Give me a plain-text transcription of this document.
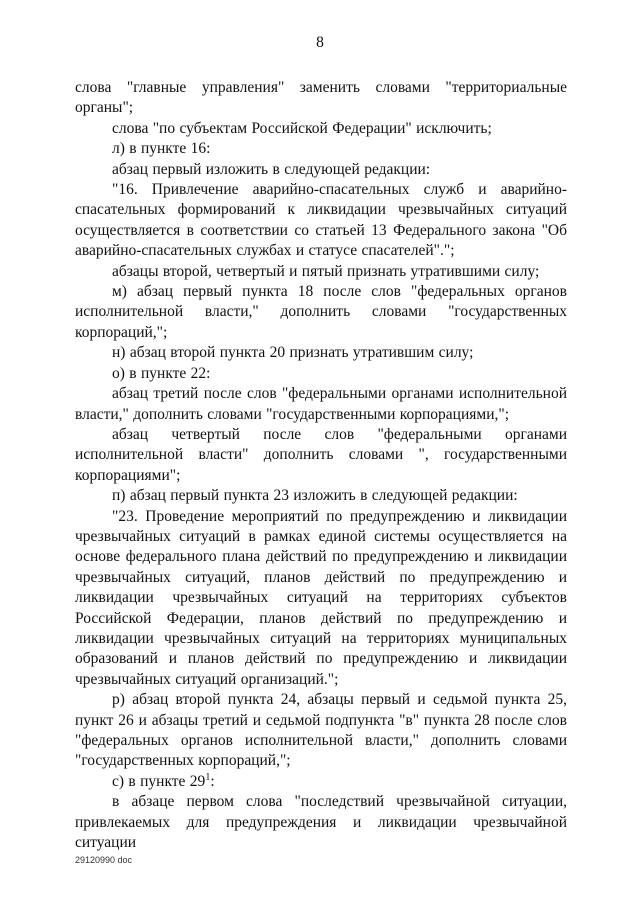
8

слова "главные управления" заменить словами "территориальные органы";

слова "по субъектам Российской Федерации" исключить;

л) в пункте 16:

абзац первый изложить в следующей редакции:

"16. Привлечение аварийно-спасательных служб и аварийно-спасательных формирований к ликвидации чрезвычайных ситуаций осуществляется в соответствии со статьей 13 Федерального закона "Об аварийно-спасательных службах и статусе спасателей".";

абзацы второй, четвертый и пятый признать утратившими силу;

м) абзац первый пункта 18 после слов "федеральных органов исполнительной власти," дополнить словами "государственных корпораций,";

н) абзац второй пункта 20 признать утратившим силу;

о) в пункте 22:

абзац третий после слов "федеральными органами исполнительной власти," дополнить словами "государственными корпорациями,";

абзац четвертый после слов "федеральными органами исполнительной власти" дополнить словами ", государственными корпорациями";

п) абзац первый пункта 23 изложить в следующей редакции:

"23. Проведение мероприятий по предупреждению и ликвидации чрезвычайных ситуаций в рамках единой системы осуществляется на основе федерального плана действий по предупреждению и ликвидации чрезвычайных ситуаций, планов действий по предупреждению и ликвидации чрезвычайных ситуаций на территориях субъектов Российской Федерации, планов действий по предупреждению и ликвидации чрезвычайных ситуаций на территориях муниципальных образований и планов действий по предупреждению и ликвидации чрезвычайных ситуаций организаций.";

р) абзац второй пункта 24, абзацы первый и седьмой пункта 25, пункт 26 и абзацы третий и седьмой подпункта "в" пункта 28 после слов "федеральных органов исполнительной власти," дополнить словами "государственных корпораций,";

с) в пункте $29^1$:

в абзаце первом слова "последствий чрезвычайной ситуации, привлекаемых для предупреждения и ликвидации чрезвычайной ситуации

29120990 doc
